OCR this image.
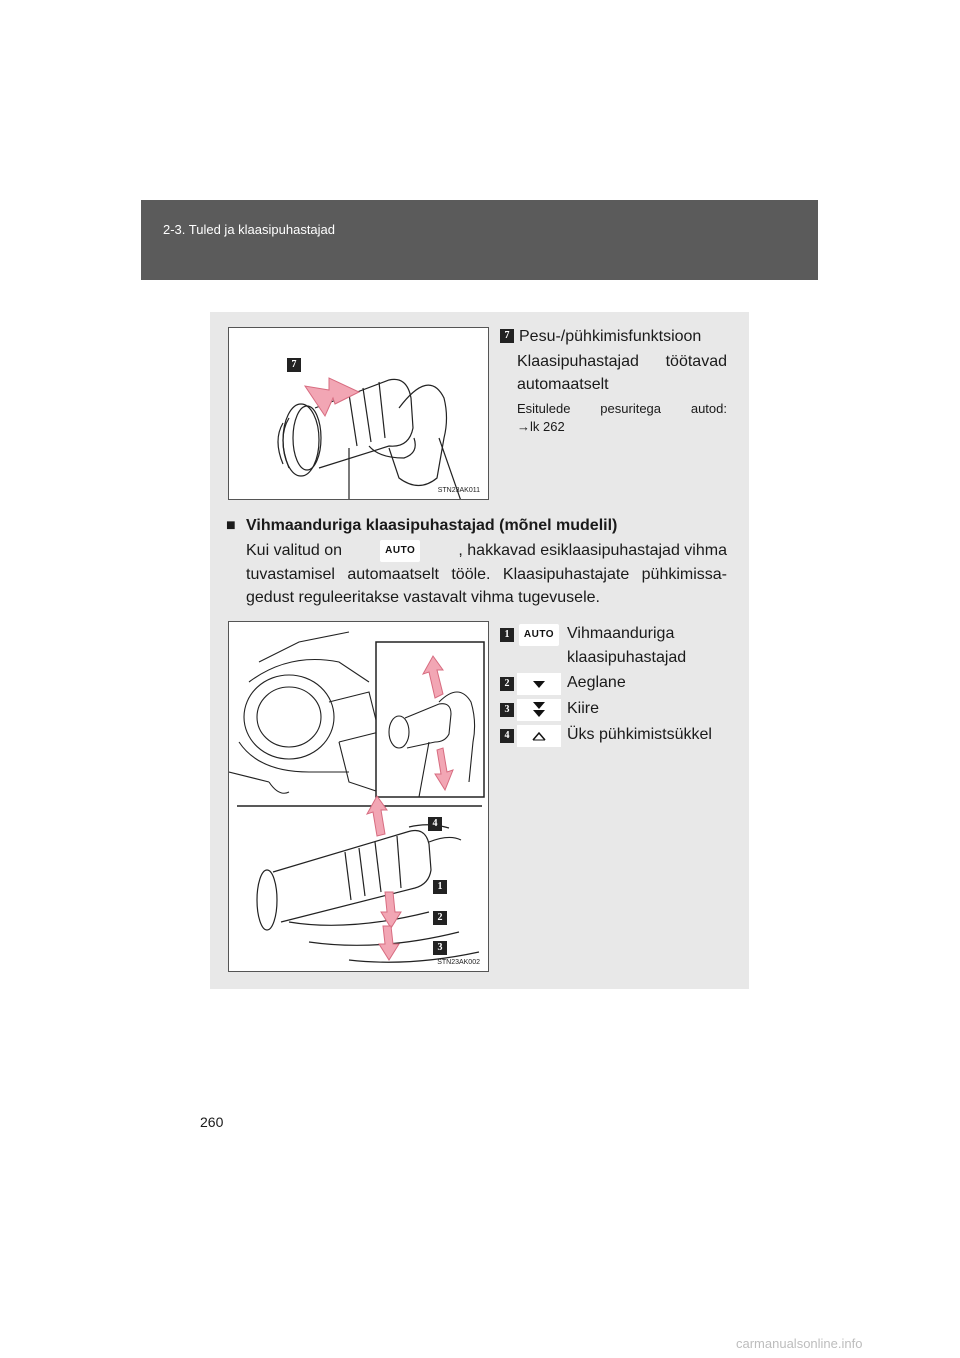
2-3. Tuled ja klaasipuhastajad
7
STN23AK011
7 Pesu-/pühkimisfunktsioon
Klaasipuhastajad töötavad
automaatselt
Esitulede pesuritega autod:
→lk 262
■ Vihmaanduriga klaasipuhastajad (mõnel mudelil)
Kui valitud on	AUTO	, hakkavad esiklaasipuhastajad vihma
tuvastamisel automaatselt tööle. Klaasipuhastajate pühkimissa-
gedust reguleeritakse vastavalt vihma tugevusele.
4
1
2
3
STN23AK002
1	AUTO Vihmaanduriga
klaasipuhastajad
2	Aeglane
3	Kiire
4	Üks pühkimistsükkel
260
carmanualsonline.info
